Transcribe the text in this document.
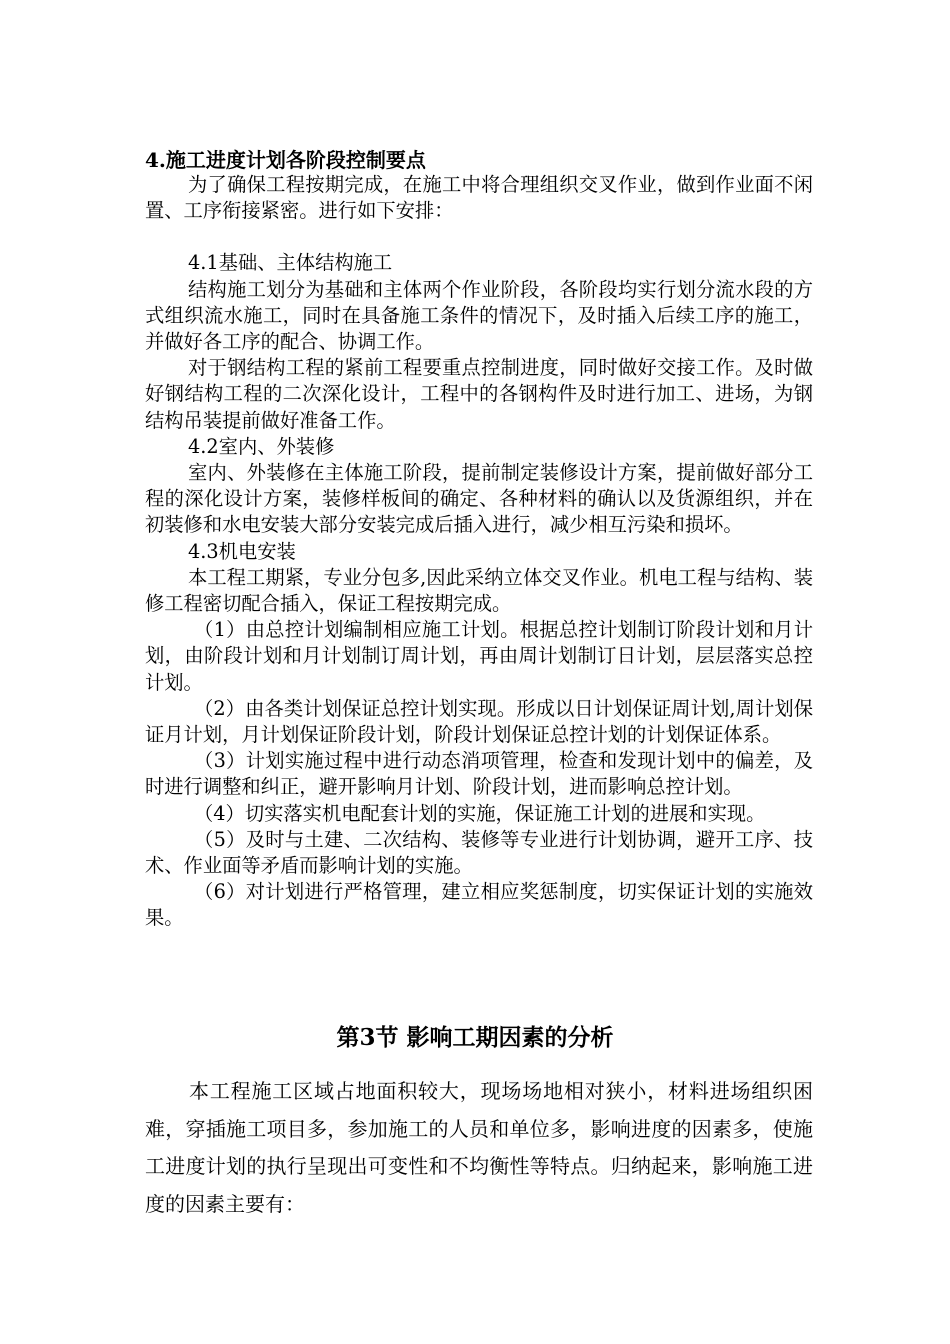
4.施工进度计划各阶段控制要点

为了确保工程按期完成，在施工中将合理组织交叉作业，做到作业面不闲置、工序衔接紧密。进行如下安排：

4.1基础、主体结构施工

结构施工划分为基础和主体两个作业阶段，各阶段均实行划分流水段的方式组织流水施工，同时在具备施工条件的情况下，及时插入后续工序的施工，并做好各工序的配合、协调工作。

对于钢结构工程的紧前工程要重点控制进度，同时做好交接工作。及时做好钢结构工程的二次深化设计，工程中的各钢构件及时进行加工、进场，为钢结构吊装提前做好准备工作。

4.2室内、外装修

室内、外装修在主体施工阶段，提前制定装修设计方案，提前做好部分工程的深化设计方案，装修样板间的确定、各种材料的确认以及货源组织，并在初装修和水电安装大部分安装完成后插入进行，减少相互污染和损坏。

4.3机电安装

本工程工期紧，专业分包多,因此采纳立体交叉作业。机电工程与结构、装修工程密切配合插入，保证工程按期完成。

（1）由总控计划编制相应施工计划。根据总控计划制订阶段计划和月计划，由阶段计划和月计划制订周计划，再由周计划制订日计划，层层落实总控计划。

（2）由各类计划保证总控计划实现。形成以日计划保证周计划,周计划保证月计划，月计划保证阶段计划，阶段计划保证总控计划的计划保证体系。

（3）计划实施过程中进行动态消项管理，检查和发现计划中的偏差，及时进行调整和纠正，避开影响月计划、阶段计划，进而影响总控计划。

（4）切实落实机电配套计划的实施，保证施工计划的进展和实现。

（5）及时与土建、二次结构、装修等专业进行计划协调，避开工序、技术、作业面等矛盾而影响计划的实施。

（6）对计划进行严格管理，建立相应奖惩制度，切实保证计划的实施效果。

第3节 影响工期因素的分析

本工程施工区域占地面积较大，现场场地相对狭小，材料进场组织困难，穿插施工项目多，参加施工的人员和单位多，影响进度的因素多，使施工进度计划的执行呈现出可变性和不均衡性等特点。归纳起来，影响施工进度的因素主要有：
